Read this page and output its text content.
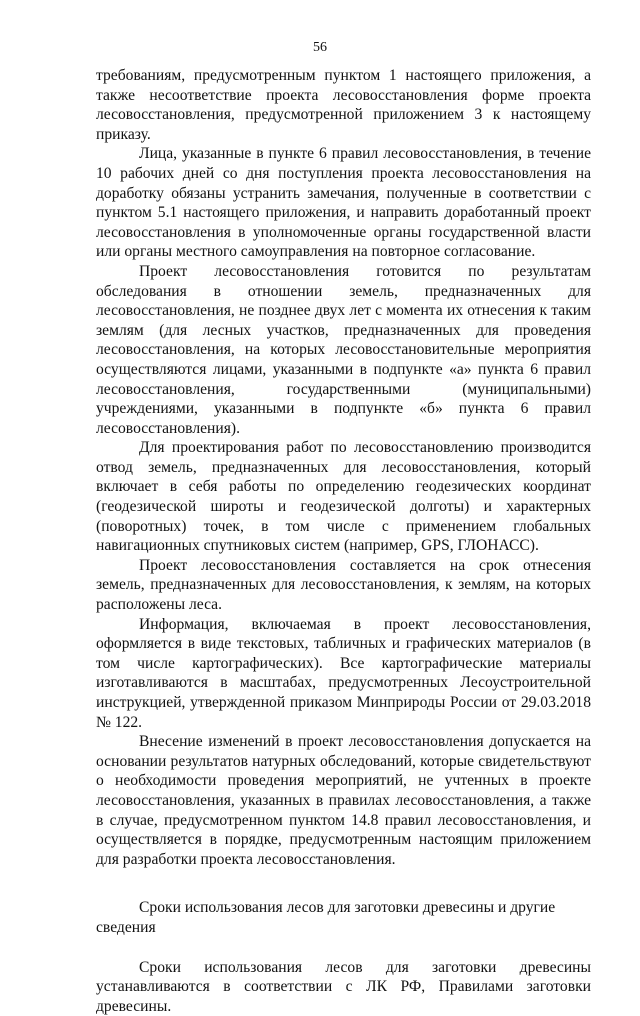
56

требованиям, предусмотренным пунктом 1 настоящего приложения, а также несоответствие проекта лесовосстановления форме проекта лесовосстановления, предусмотренной приложением 3 к настоящему приказу.

Лица, указанные в пункте 6 правил лесовосстановления, в течение 10 рабочих дней со дня поступления проекта лесовосстановления на доработку обязаны устранить замечания, полученные в соответствии с пунктом 5.1 настоящего приложения, и направить доработанный проект лесовосстановления в уполномоченные органы государственной власти или органы местного самоуправления на повторное согласование.

Проект лесовосстановления готовится по результатам обследования в отношении земель, предназначенных для лесовосстановления, не позднее двух лет с момента их отнесения к таким землям (для лесных участков, предназначенных для проведения лесовосстановления, на которых лесовосстановительные мероприятия осуществляются лицами, указанными в подпункте «а» пункта 6 правил лесовосстановления, государственными (муниципальными) учреждениями, указанными в подпункте «б» пункта 6 правил лесовосстановления).

Для проектирования работ по лесовосстановлению производится отвод земель, предназначенных для лесовосстановления, который включает в себя работы по определению геодезических координат (геодезической широты и геодезической долготы) и характерных (поворотных) точек, в том числе с применением глобальных навигационных спутниковых систем (например, GPS, ГЛОНАСС).

Проект лесовосстановления составляется на срок отнесения земель, предназначенных для лесовосстановления, к землям, на которых расположены леса.

Информация, включаемая в проект лесовосстановления, оформляется в виде текстовых, табличных и графических материалов (в том числе картографических). Все картографические материалы изготавливаются в масштабах, предусмотренных Лесоустроительной инструкцией, утвержденной приказом Минприроды России от 29.03.2018 № 122.

Внесение изменений в проект лесовосстановления допускается на основании результатов натурных обследований, которые свидетельствуют о необходимости проведения мероприятий, не учтенных в проекте лесовосстановления, указанных в правилах лесовосстановления, а также в случае, предусмотренном пунктом 14.8 правил лесовосстановления, и осуществляется в порядке, предусмотренным настоящим приложением для разработки проекта лесовосстановления.

Сроки использования лесов для заготовки древесины и другие сведения

Сроки использования лесов для заготовки древесины устанавливаются в соответствии с ЛК РФ, Правилами заготовки древесины.
